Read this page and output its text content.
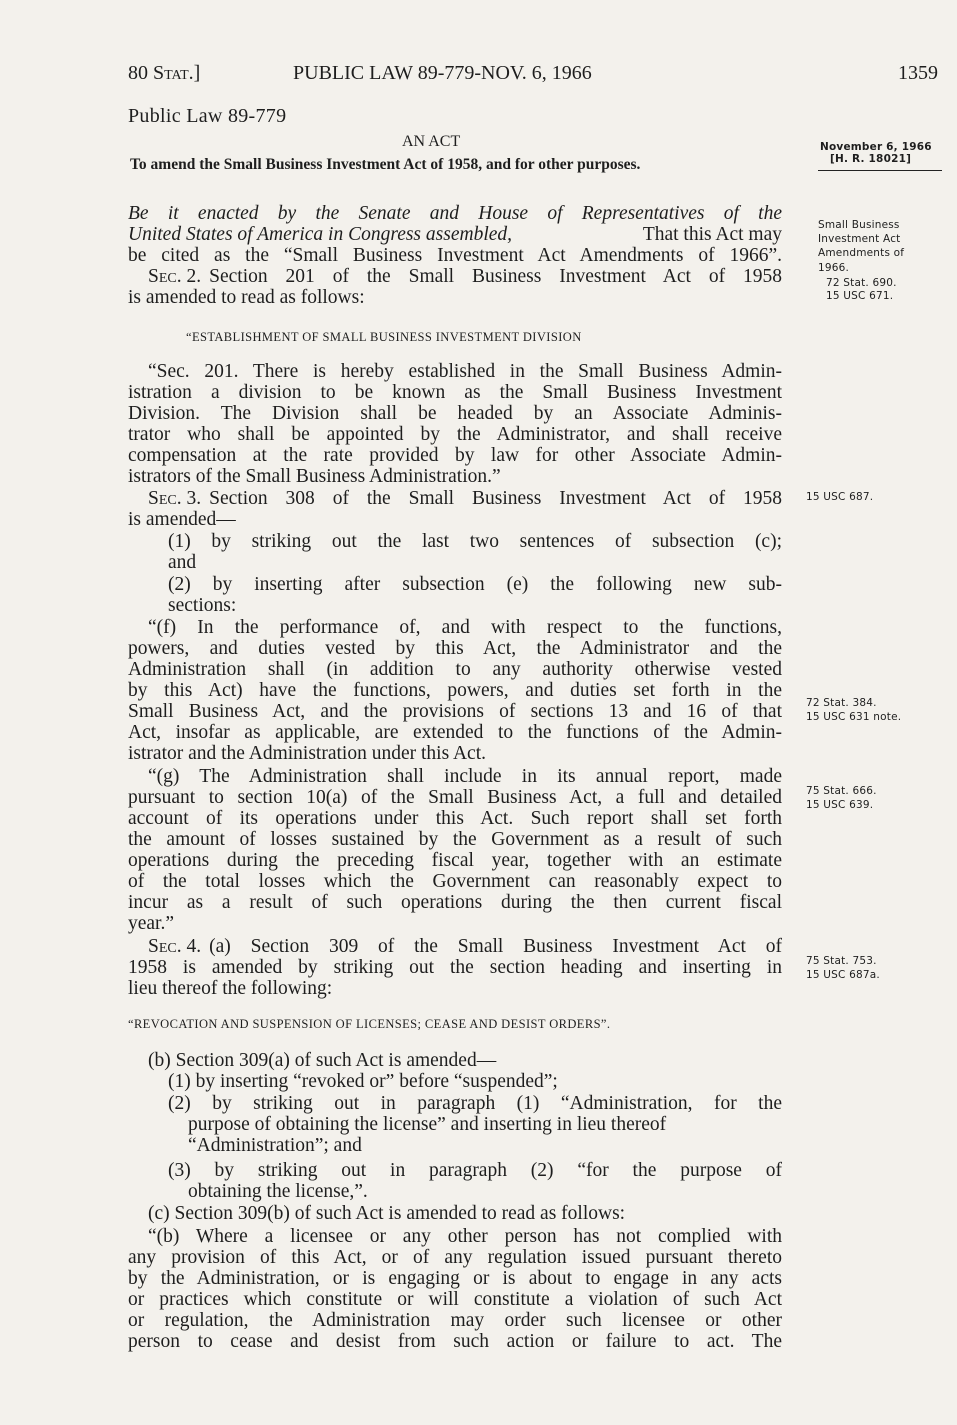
80 Stat.]	PUBLIC LAW 89-779-NOV. 6, 1966	1359
Public Law 89-779
AN ACT
To amend the Small Business Investment Act of 1958, and for other purposes.
November 6, 1966
[H. R. 18021]
Be it enacted by the Senate and House of Representatives of the
United States of America in Congress assembled,	That this Act may
be cited as the “Small Business Investment Act Amendments of 1966”.
Sec. 2. Section 201 of the Small Business Investment Act of 1958
is amended to read as follows:
Small Business
Investment Act
Amendments of
1966.
72 Stat. 690.
15 USC 671.
“ESTABLISHMENT OF SMALL BUSINESS INVESTMENT DIVISION
“Sec. 201. There is hereby established in the Small Business Admin-
istration a division to be known as the Small Business Investment
Division. The Division shall be headed by an Associate Adminis-
trator who shall be appointed by the Administrator, and shall receive
compensation at the rate provided by law for other Associate Admin-
istrators of the Small Business Administration.”
Sec. 3. Section 308 of the Small Business Investment Act of 1958
is amended—
15 USC 687.
(1) by striking out the last two sentences of subsection (c);
and
(2) by inserting after subsection (e) the following new sub-
sections:
“(f) In the performance of, and with respect to the functions,
powers, and duties vested by this Act, the Administrator and the
Administration shall (in addition to any authority otherwise vested
by this Act) have the functions, powers, and duties set forth in the
Small Business Act, and the provisions of sections 13 and 16 of that
Act, insofar as applicable, are extended to the functions of the Admin-
istrator and the Administration under this Act.
72 Stat. 384.
15 USC 631 note.
“(g) The Administration shall include in its annual report, made
pursuant to section 10(a) of the Small Business Act, a full and detailed
account of its operations under this Act. Such report shall set forth
the amount of losses sustained by the Government as a result of such
operations during the preceding fiscal year, together with an estimate
of the total losses which the Government can reasonably expect to
incur as a result of such operations during the then current fiscal
year.”
75 Stat. 666.
15 USC 639.
Sec. 4. (a) Section 309 of the Small Business Investment Act of
1958 is amended by striking out the section heading and inserting in
lieu thereof the following:
75 Stat. 753.
15 USC 687a.
“REVOCATION AND SUSPENSION OF LICENSES; CEASE AND DESIST ORDERS”.
(b) Section 309(a) of such Act is amended—
(1) by inserting “revoked or” before “suspended”;
(2) by striking out in paragraph (1) “Administration, for the
purpose of obtaining the license” and inserting in lieu thereof
“Administration”; and
(3) by striking out in paragraph (2) “for the purpose of
obtaining the license,”.
(c) Section 309(b) of such Act is amended to read as follows:
“(b) Where a licensee or any other person has not complied with
any provision of this Act, or of any regulation issued pursuant thereto
by the Administration, or is engaging or is about to engage in any acts
or practices which constitute or will constitute a violation of such Act
or regulation, the Administration may order such licensee or other
person to cease and desist from such action or failure to act. The
